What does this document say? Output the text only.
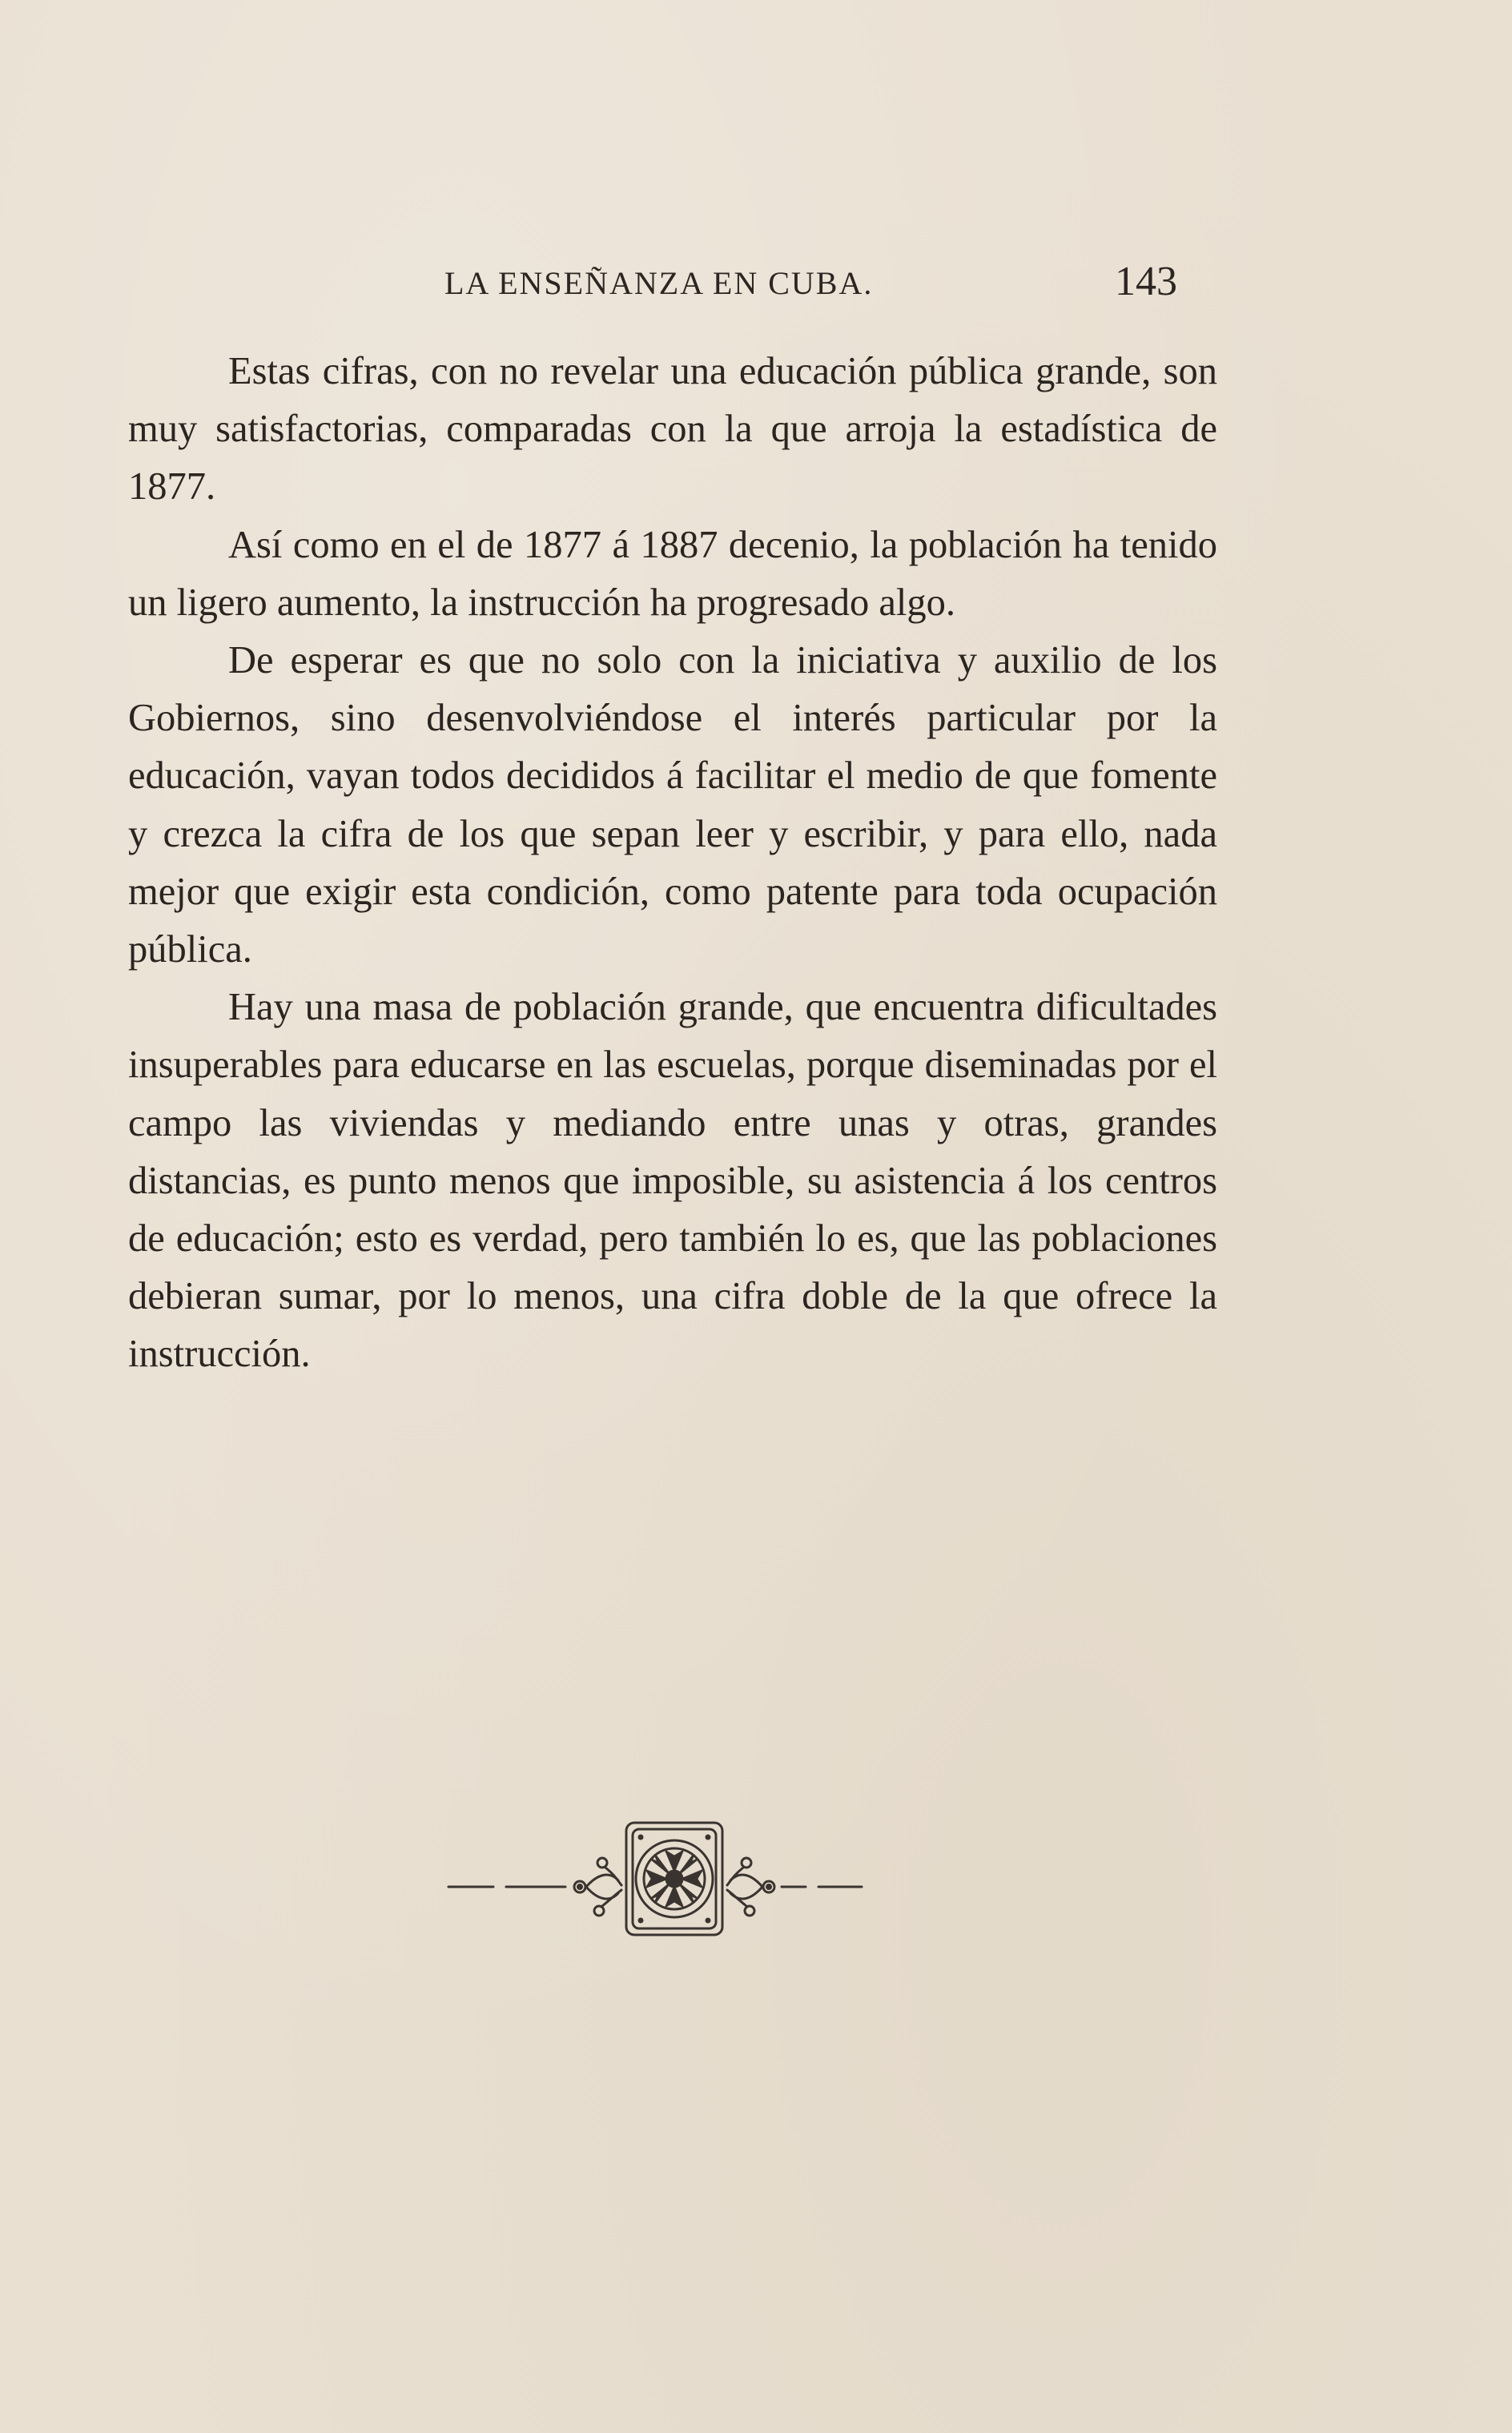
LA ENSEÑANZA EN CUBA.	143

Estas cifras, con no revelar una educación pública grande, son muy satisfactorias, comparadas con la que arroja la estadística de 1877.

Así como en el de 1877 á 1887 decenio, la población ha tenido un ligero aumento, la instrucción ha progresado algo.

De esperar es que no solo con la iniciativa y auxilio de los Gobiernos, sino desenvolviéndose el interés particular por la educación, vayan todos decididos á facilitar el medio de que fomente y crezca la cifra de los que sepan leer y escribir, y para ello, nada mejor que exigir esta condición, como patente para toda ocupación pública.

Hay una masa de población grande, que encuentra dificultades insuperables para educarse en las escuelas, porque diseminadas por el campo las viviendas y mediando entre unas y otras, grandes distancias, es punto menos que imposible, su asistencia á los centros de educación; esto es verdad, pero también lo es, que las poblaciones debieran sumar, por lo menos, una cifra doble de la que ofrece la instrucción.
